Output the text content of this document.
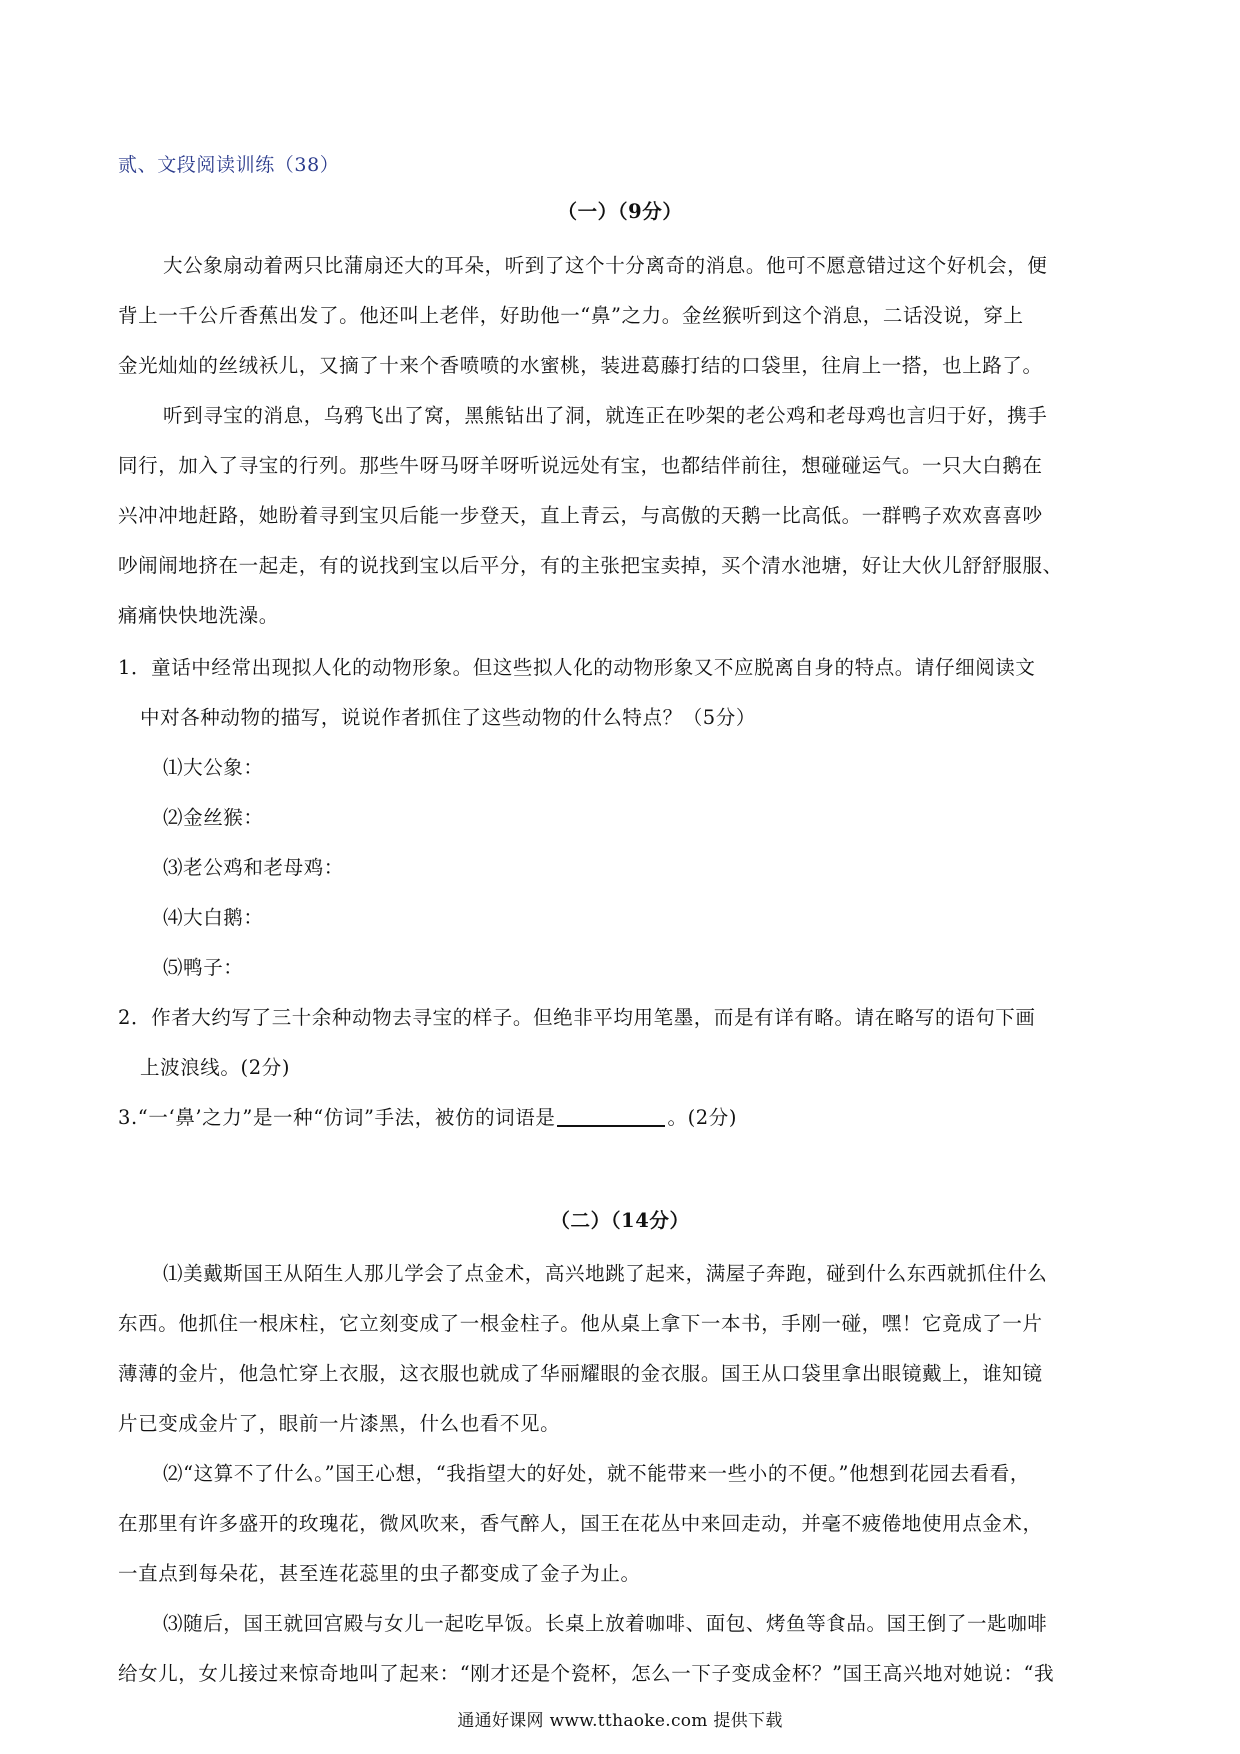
贰、文段阅读训练（38）
（一）（9分）
大公象扇动着两只比蒲扇还大的耳朵，听到了这个十分离奇的消息。他可不愿意错过这个好机会，便
背上一千公斤香蕉出发了。他还叫上老伴，好助他一“鼻”之力。金丝猴听到这个消息，二话没说，穿上
金光灿灿的丝绒袄儿，又摘了十来个香喷喷的水蜜桃，装进葛藤打结的口袋里，往肩上一搭，也上路了。
听到寻宝的消息，乌鸦飞出了窝，黑熊钻出了洞，就连正在吵架的老公鸡和老母鸡也言归于好，携手
同行，加入了寻宝的行列。那些牛呀马呀羊呀听说远处有宝，也都结伴前往，想碰碰运气。一只大白鹅在
兴冲冲地赶路，她盼着寻到宝贝后能一步登天，直上青云，与高傲的天鹅一比高低。一群鸭子欢欢喜喜吵
吵闹闹地挤在一起走，有的说找到宝以后平分，有的主张把宝卖掉，买个清水池塘，好让大伙儿舒舒服服、
痛痛快快地洗澡。
1．童话中经常出现拟人化的动物形象。但这些拟人化的动物形象又不应脱离自身的特点。请仔细阅读文
中对各种动物的描写，说说作者抓住了这些动物的什么特点？（5分）
⑴大公象：
⑵金丝猴：
⑶老公鸡和老母鸡：
⑷大白鹅：
⑸鸭子：
2．作者大约写了三十余种动物去寻宝的样子。但绝非平均用笔墨，而是有详有略。请在略写的语句下画
上波浪线。(2分)
3.“一‘鼻’之力”是一种“仿词”手法，被仿的词语是	。(2分)
（二）（14分）
⑴美戴斯国王从陌生人那儿学会了点金术，高兴地跳了起来，满屋子奔跑，碰到什么东西就抓住什么
东西。他抓住一根床柱，它立刻变成了一根金柱子。他从桌上拿下一本书，手刚一碰，嘿！它竟成了一片
薄薄的金片，他急忙穿上衣服，这衣服也就成了华丽耀眼的金衣服。国王从口袋里拿出眼镜戴上，谁知镜
片已变成金片了，眼前一片漆黑，什么也看不见。
⑵“这算不了什么。”国王心想，“我指望大的好处，就不能带来一些小的不便。”他想到花园去看看，
在那里有许多盛开的玫瑰花，微风吹来，香气醉人，国王在花丛中来回走动，并毫不疲倦地使用点金术，
一直点到每朵花，甚至连花蕊里的虫子都变成了金子为止。
⑶随后，国王就回宫殿与女儿一起吃早饭。长桌上放着咖啡、面包、烤鱼等食品。国王倒了一匙咖啡
给女儿，女儿接过来惊奇地叫了起来：“刚才还是个瓷杯，怎么一下子变成金杯？”国王高兴地对她说：“我
通通好课网 www.tthaoke.com 提供下载
